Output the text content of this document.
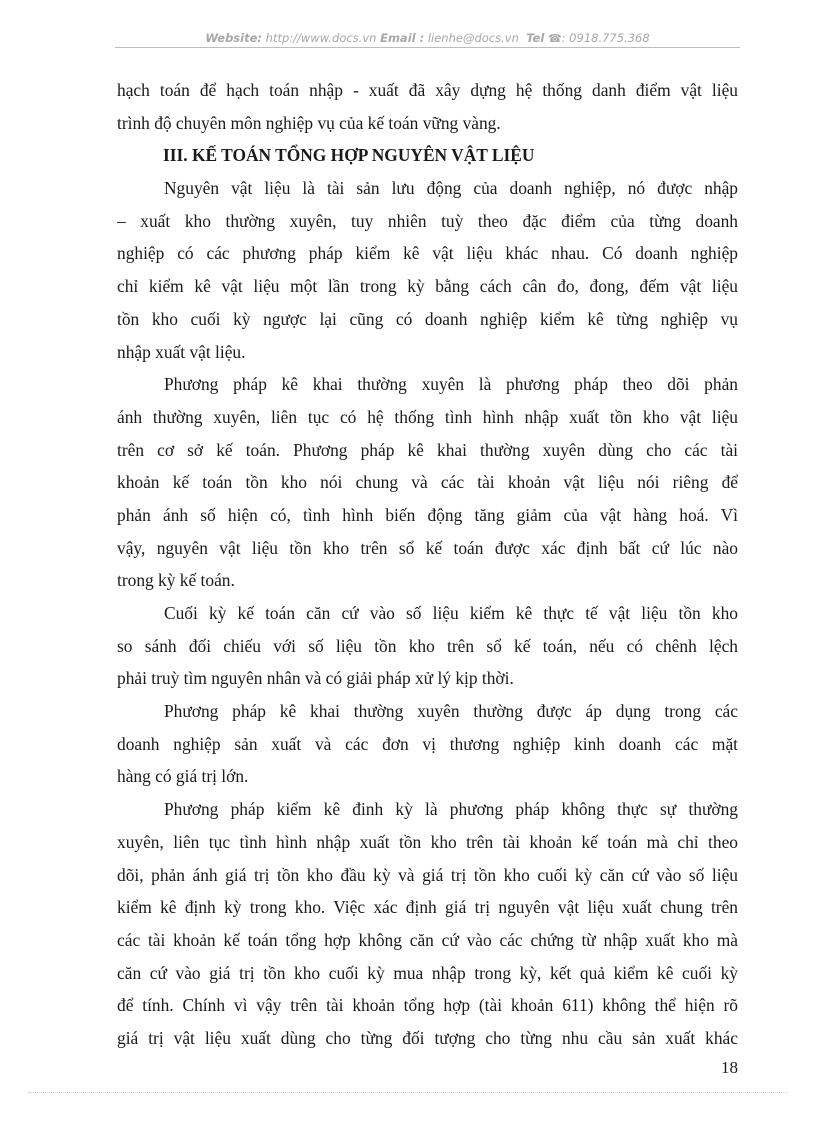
Website: http://www.docs.vn Email : lienhe@docs.vn Tel ☎: 0918.775.368
hạch toán để hạch toán nhập - xuất đã xây dựng hệ thống danh điểm vật liệu
trình độ chuyên môn nghiệp vụ của kế toán vững vàng.
III. KẾ TOÁN TỔNG HỢP NGUYÊN VẬT LIỆU
Nguyên vật liệu là tài sản lưu động của doanh nghiệp, nó được nhập
– xuất kho thường xuyên, tuy nhiên tuỳ theo đặc điểm của từng doanh
nghiệp có các phương pháp kiểm kê vật liệu khác nhau. Có doanh nghiệp
chỉ kiểm kê vật liệu một lần trong kỳ bằng cách cân đo, đong, đếm vật liệu
tồn kho cuối kỳ ngược lại cũng có doanh nghiệp kiểm kê từng nghiệp vụ
nhập xuất vật liệu.
Phương pháp kê khai thường xuyên là phương pháp theo dõi phản
ánh thường xuyên, liên tục có hệ thống tình hình nhập xuất tồn kho vật liệu
trên cơ sở kế toán. Phương pháp kê khai thường xuyên dùng cho các tài
khoản kế toán tồn kho nói chung và các tài khoản vật liệu nói riêng để
phản ánh số hiện có, tình hình biến động tăng giảm của vật hàng hoá. Vì
vậy, nguyên vật liệu tồn kho trên sổ kế toán được xác định bất cứ lúc nào
trong kỳ kế toán.
Cuối kỳ kế toán căn cứ vào số liệu kiểm kê thực tế vật liệu tồn kho
so sánh đối chiếu với số liệu tồn kho trên sổ kế toán, nếu có chênh lệch
phải truỳ tìm nguyên nhân và có giải pháp xử lý kịp thời.
Phương pháp kê khai thường xuyên thường được áp dụng trong các
doanh nghiệp sản xuất và các đơn vị thương nghiệp kinh doanh các mặt
hàng có giá trị lớn.
Phương pháp kiểm kê đinh kỳ là phương pháp không thực sự thường
xuyên, liên tục tình hình nhập xuất tồn kho trên tài khoản kế toán mà chỉ theo
dõi, phản ánh giá trị tồn kho đầu kỳ và giá trị tồn kho cuối kỳ căn cứ vào số liệu
kiểm kê định kỳ trong kho. Việc xác định giá trị nguyên vật liệu xuất chung trên
các tài khoản kế toán tổng hợp không căn cứ vào các chứng từ nhập xuất kho mà
căn cứ vào giá trị tồn kho cuối kỳ mua nhập trong kỳ, kết quả kiểm kê cuối kỳ
để tính. Chính vì vậy trên tài khoản tổng hợp (tài khoản 611) không thể hiện rõ
giá trị vật liệu xuất dùng cho từng đối tượng cho từng nhu cầu sản xuất khác
18
